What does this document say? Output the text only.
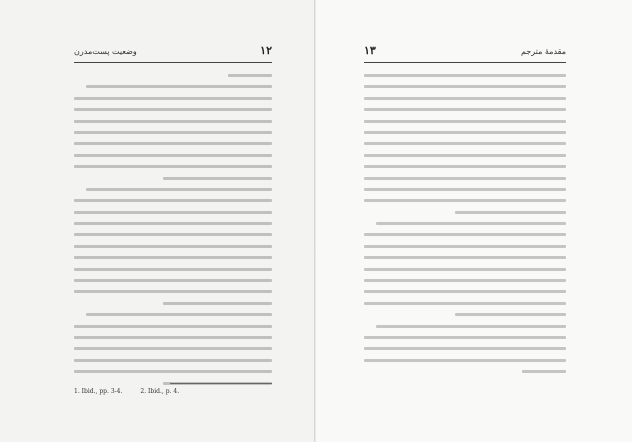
۱۲
وضعیت پست‌مدرن
1. Ibid., pp. 3-4.	2. Ibid., p. 4.
مقدمهٔ مترجم
۱۳
